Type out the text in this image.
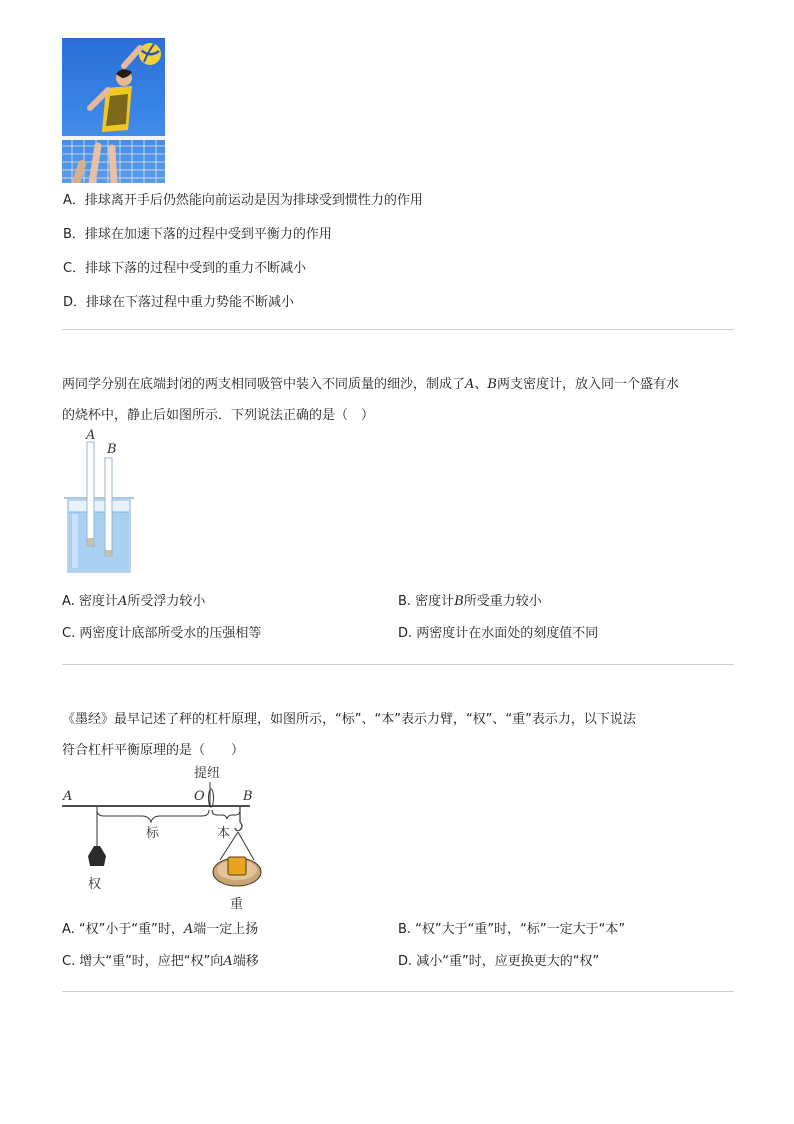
A．排球离开手后仍然能向前运动是因为排球受到惯性力的作用
B．排球在加速下落的过程中受到平衡力的作用
C．排球下落的过程中受到的重力不断减小
D．排球在下落过程中重力势能不断减小
两同学分别在底端封闭的两支相同吸管中装入不同质量的细沙，制成了A、B两支密度计，放入同一个盛有水
的烧杯中，静止后如图所示．下列说法正确的是（　）
A
B
A. 密度计A所受浮力较小	B. 密度计B所受重力较小
C. 两密度计底部所受水的压强相等	D. 两密度计在水面处的刻度值不同
《墨经》最早记述了秤的杠杆原理，如图所示，“标”、“本”表示力臂，“权”、“重”表示力，以下说法
符合杠杆平衡原理的是（　　）
提纽
A	O	B
标	本
权
重
A. “权”小于“重”时，A端一定上扬	B. “权”大于“重”时，“标”一定大于“本”
C. 增大“重”时，应把“权”向A端移	D. 减小“重”时，应更换更大的“权”
